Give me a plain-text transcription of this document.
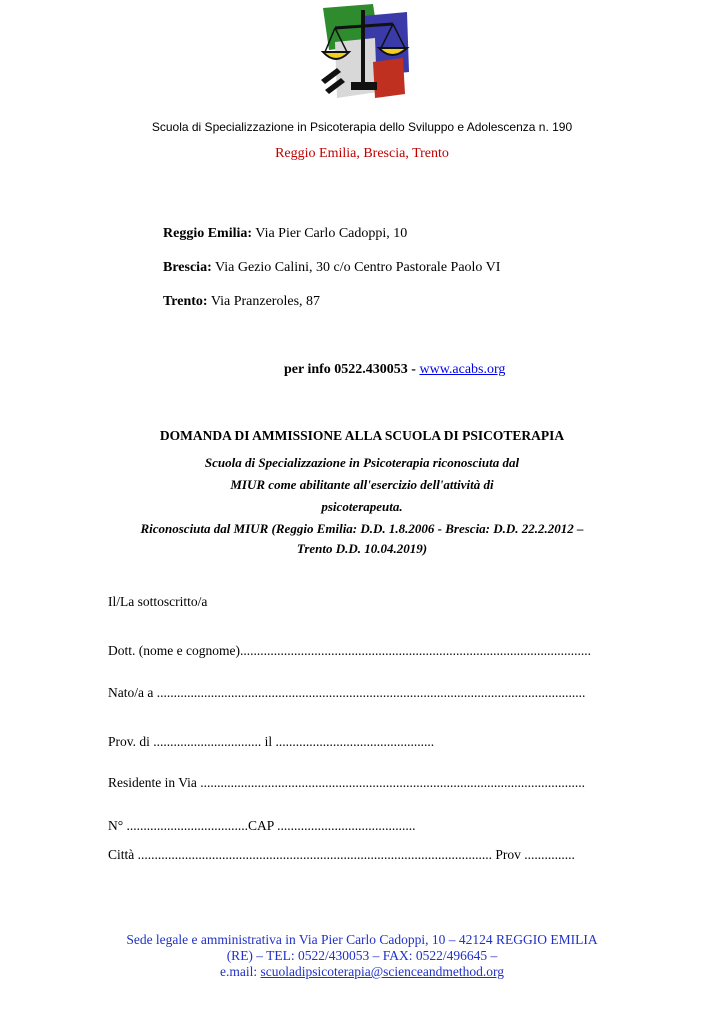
Scuola di Specializzazione in Psicoterapia dello Sviluppo e Adolescenza n. 190
Reggio Emilia, Brescia, Trento
Reggio Emilia: Via Pier Carlo Cadoppi, 10
Brescia: Via Gezio Calini, 30 c/o Centro Pastorale Paolo VI
Trento: Via Pranzeroles, 87
per info 0522.430053 - www.acabs.org
DOMANDA DI AMMISSIONE ALLA SCUOLA DI PSICOTERAPIA
Scuola di Specializzazione in Psicoterapia riconosciuta dal
MIUR come abilitante all'esercizio dell'attività di
psicoterapeuta.
Riconosciuta dal MIUR (Reggio Emilia: D.D. 1.8.2006 - Brescia: D.D. 22.2.2012 –
Trento D.D. 10.04.2019)
Il/La sottoscritto/a
Dott. (nome e cognome)........................................................................................................
Nato/a a ...............................................................................................................................
Prov. di ................................ il ...............................................
Residente in Via ..................................................................................................................
N° ....................................CAP .........................................
Città ......................................................................................................... Prov ...............
Sede legale e amministrativa in Via Pier Carlo Cadoppi, 10 – 42124 REGGIO EMILIA
(RE) – TEL: 0522/430053 – FAX: 0522/496645 –
e.mail: scuoladipsicoterapia@scienceandmethod.org
